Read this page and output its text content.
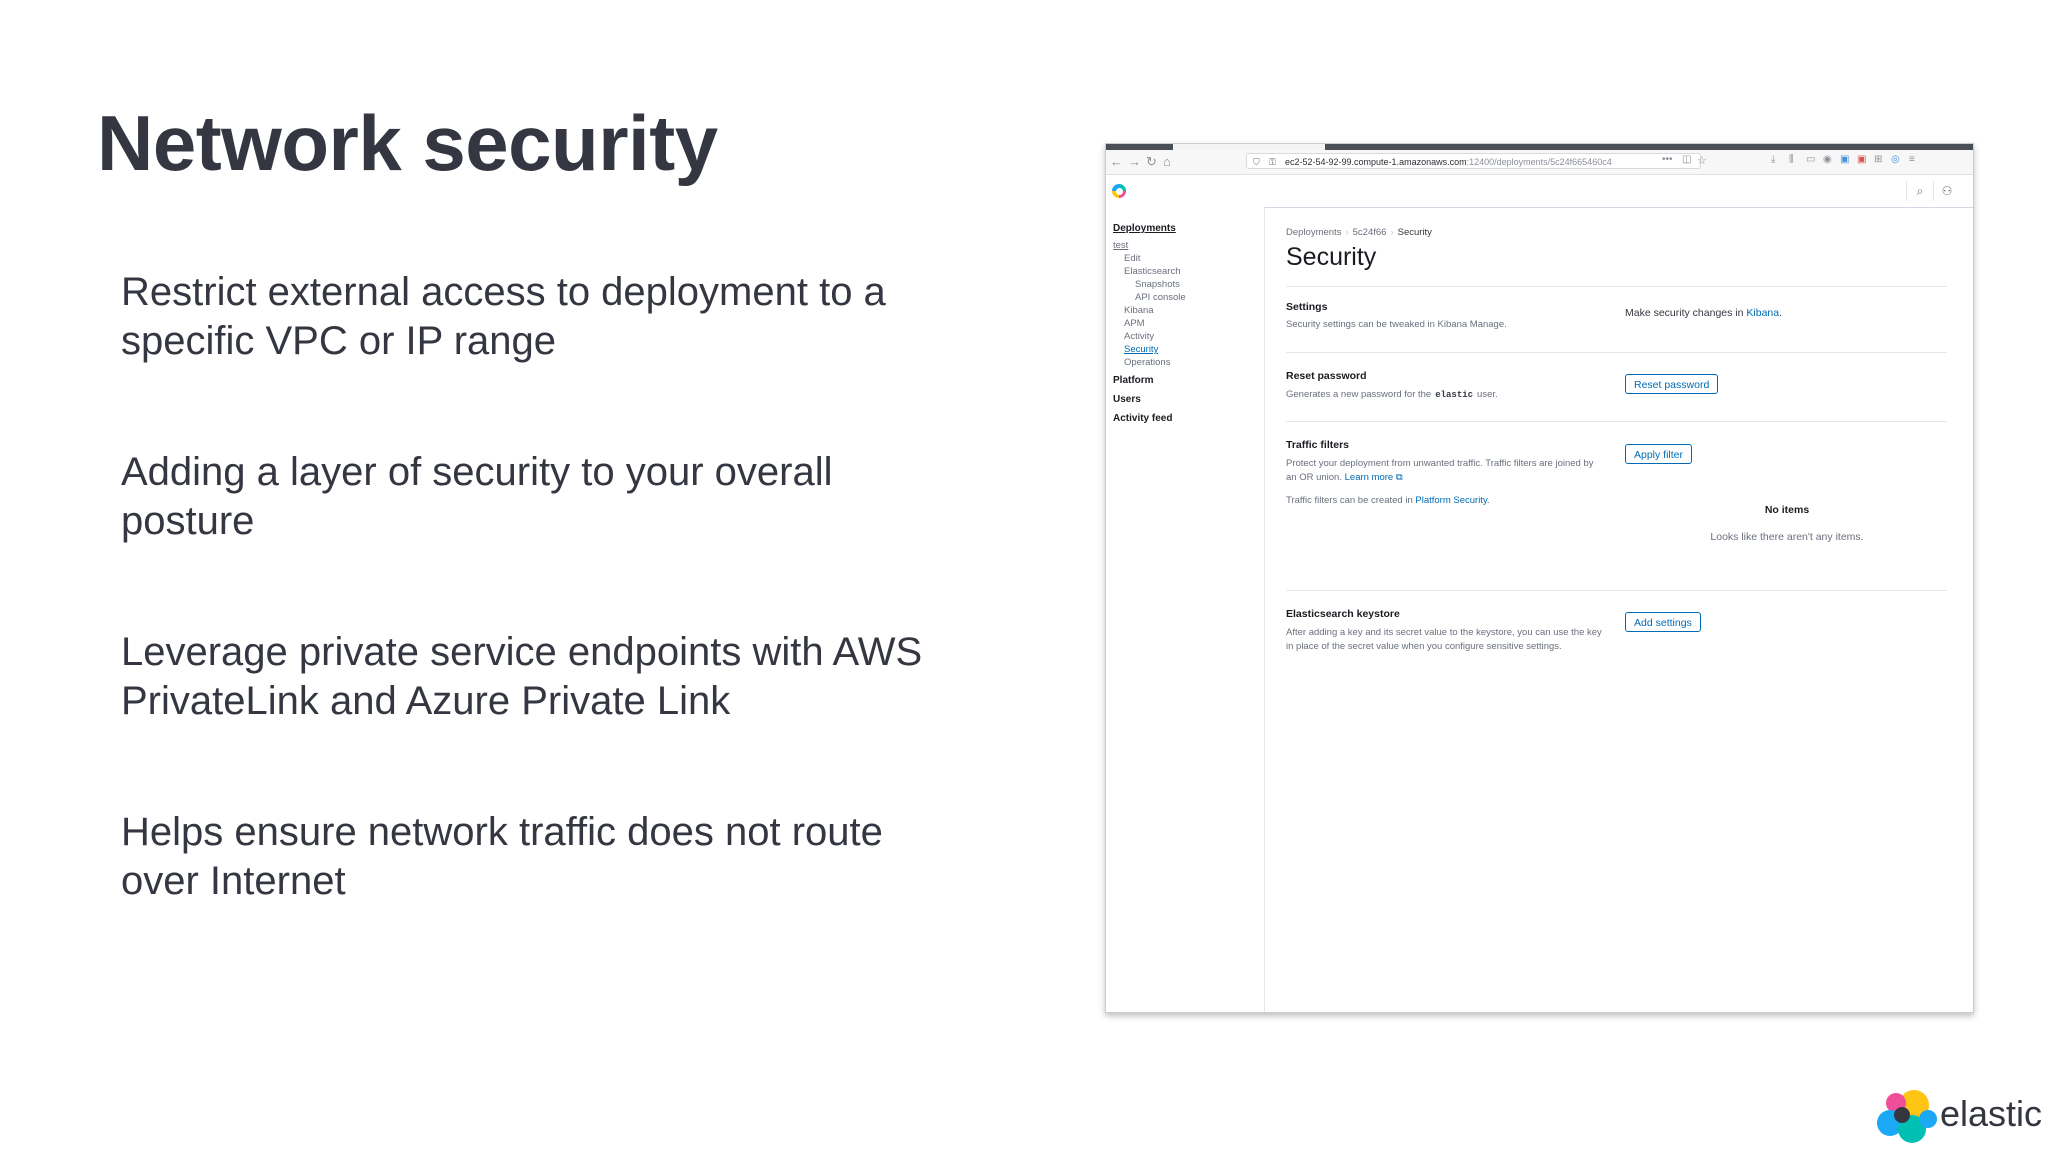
Network security

Restrict external access to deployment to a specific VPC or IP range

Adding a layer of security to your overall posture

Leverage private service endpoints with AWS PrivateLink and Azure Private Link

Helps ensure network traffic does not route over Internet

← → ↻ ⌂	⛉ ⚿ ec2-52-54-92-99.compute-1.amazonaws.com:12400/deployments/5c24f665460c4	••• ◫ ☆	⤓ ⫼ ▭ ◉ ▣ ▣ ⊞ ◎ ≡
⌕	⚇
Deployments
test
Edit
Elasticsearch
Snapshots
API console
Kibana
APM
Activity
Security
Operations
Platform
Users
Activity feed
Deployments › 5c24f66 › Security
Security
Settings
Security settings can be tweaked in Kibana Manage.
Make security changes in Kibana.
Reset password
Generates a new password for the elastic user.
Reset password
Traffic filters
Protect your deployment from unwanted traffic. Traffic filters are joined by an OR union. Learn more ⧉
Traffic filters can be created in Platform Security.
Apply filter
No items
Looks like there aren't any items.
Elasticsearch keystore
After adding a key and its secret value to the keystore, you can use the key in place of the secret value when you configure sensitive settings.
Add settings
elastic
